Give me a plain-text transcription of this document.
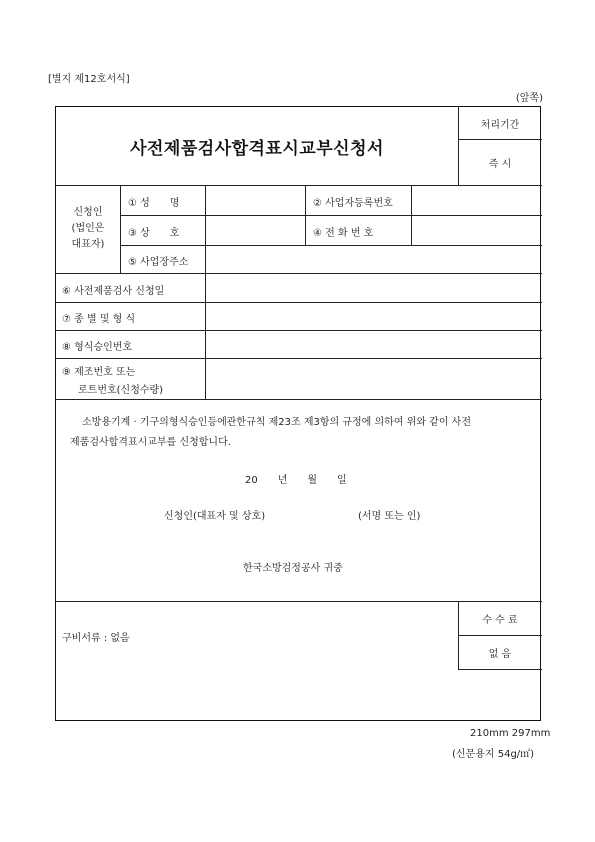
[별지 제12호서식]
(앞쪽)
사전제품검사합격표시교부신청서
처리기간
즉 시
신청인
(법인은
대표자)
① 성　　명	② 사업자등록번호
③ 상　　호	④ 전 화 번 호
⑤ 사업장주소
⑥ 사전제품검사 신청일
⑦ 종 별 및 형 식
⑧ 형식승인번호
⑨ 제조번호 또는
로트번호(신청수량)
소방용기계 · 기구의형식승인등에관한규칙 제23조 제3항의 규정에 의하여 위와 같이 사전
제품검사합격표시교부를 신청합니다.
20　　년　　월　　일
신청인(대표자 및 상호)	(서명 또는 인)
한국소방검정공사 귀중
구비서류 : 없음
수 수 료
없 음
210mm 297mm
(신문용지 54g/㎡)
